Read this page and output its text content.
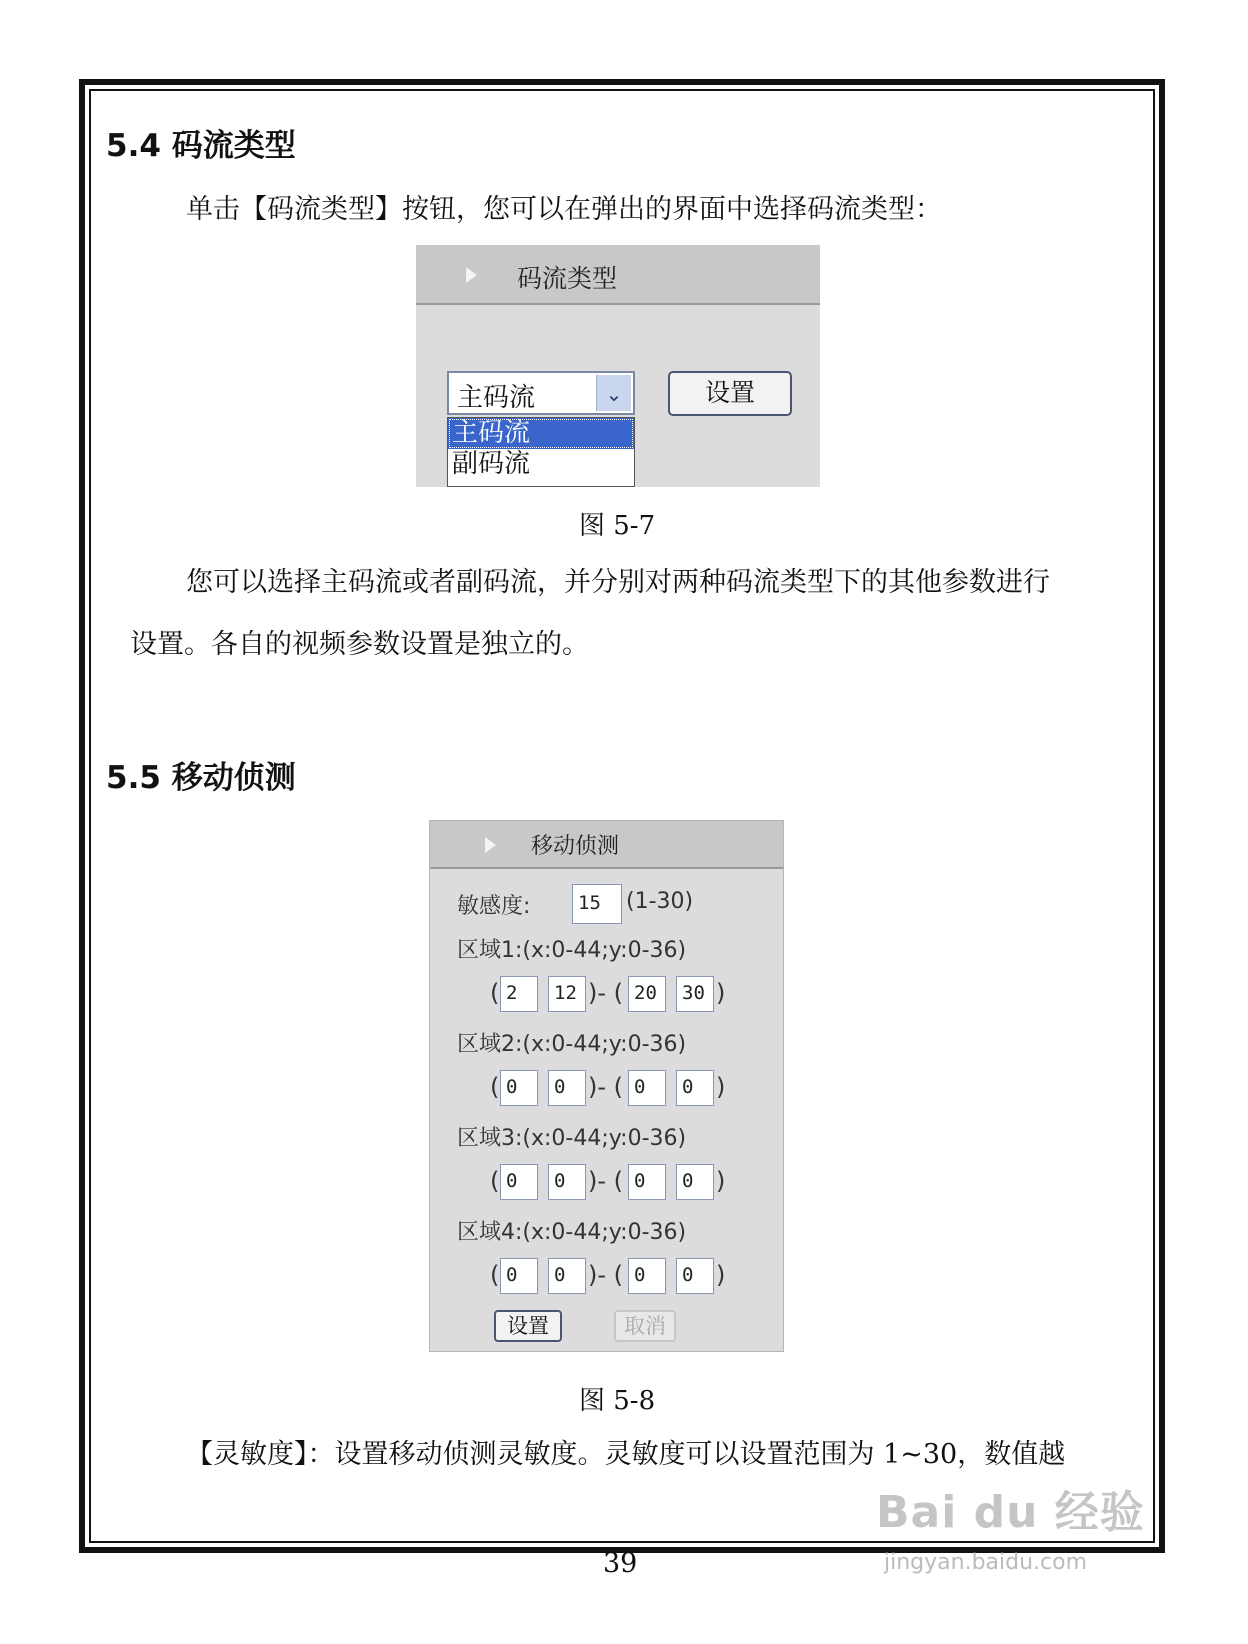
5.4 码流类型
单击【码流类型】按钮，您可以在弹出的界面中选择码流类型：
码流类型
主码流	⌄	设置
主码流
副码流
图 5-7
您可以选择主码流或者副码流，并分别对两种码流类型下的其他参数进行
设置。各自的视频参数设置是独立的。
5.5 移动侦测
移动侦测
敏感度:	15	(1-30)
区域1:(x:0-44;y:0-36)
( 2	12 )- ( 20	30 )
区域2:(x:0-44;y:0-36)
( 0	0 )- ( 0	0 )
区域3:(x:0-44;y:0-36)
( 0	0 )- ( 0	0 )
区域4:(x:0-44;y:0-36)
( 0	0 )- ( 0	0 )
设置	取消
图 5-8
【灵敏度】：设置移动侦测灵敏度。灵敏度可以设置范围为 1~30，数值越
39
Bai du 经验
jingyan.baidu.com
